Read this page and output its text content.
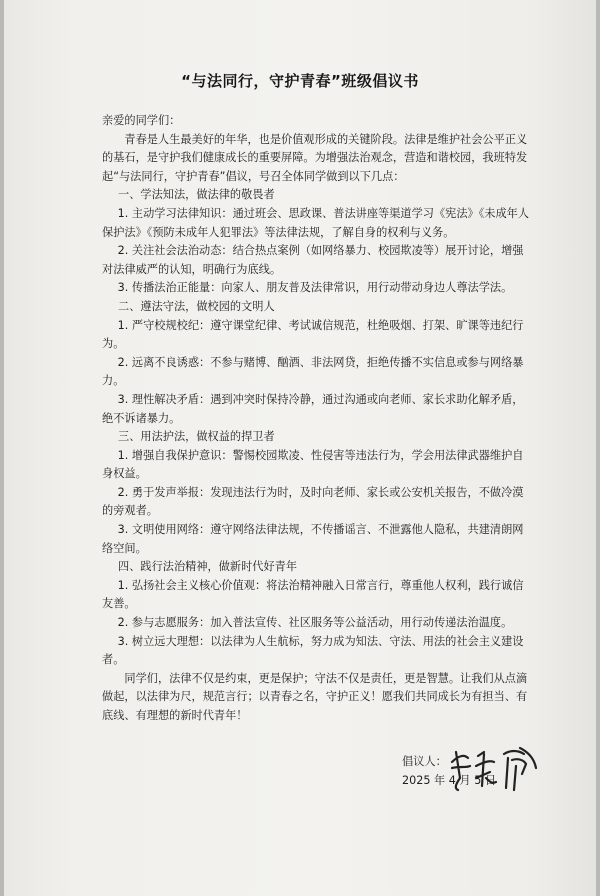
“与法同行，守护青春”班级倡议书

亲爱的同学们：

青春是人生最美好的年华，也是价值观形成的关键阶段。法律是维护社会公平正义的基石，是守护我们健康成长的重要屏障。为增强法治观念，营造和谐校园，我班特发起“与法同行，守护青春”倡议，号召全体同学做到以下几点：

一、学法知法，做法律的敬畏者

1. 主动学习法律知识：通过班会、思政课、普法讲座等渠道学习《宪法》《未成年人保护法》《预防未成年人犯罪法》等法律法规，了解自身的权利与义务。

2. 关注社会法治动态：结合热点案例（如网络暴力、校园欺凌等）展开讨论，增强对法律威严的认知，明确行为底线。

3. 传播法治正能量：向家人、朋友普及法律常识，用行动带动身边人尊法学法。

二、遵法守法，做校园的文明人

1. 严守校规校纪：遵守课堂纪律、考试诚信规范，杜绝吸烟、打架、旷课等违纪行为。

2. 远离不良诱惑：不参与赌博、酗酒、非法网贷，拒绝传播不实信息或参与网络暴力。

3. 理性解决矛盾：遇到冲突时保持冷静，通过沟通或向老师、家长求助化解矛盾，绝不诉诸暴力。

三、用法护法，做权益的捍卫者

1. 增强自我保护意识：警惕校园欺凌、性侵害等违法行为，学会用法律武器维护自身权益。

2. 勇于发声举报：发现违法行为时，及时向老师、家长或公安机关报告，不做冷漠的旁观者。

3. 文明使用网络：遵守网络法律法规，不传播谣言、不泄露他人隐私，共建清朗网络空间。

四、践行法治精神，做新时代好青年

1. 弘扬社会主义核心价值观：将法治精神融入日常言行，尊重他人权利，践行诚信友善。

2. 参与志愿服务：加入普法宣传、社区服务等公益活动，用行动传递法治温度。

3. 树立远大理想：以法律为人生航标，努力成为知法、守法、用法的社会主义建设者。

同学们，法律不仅是约束，更是保护；守法不仅是责任，更是智慧。让我们从点滴做起，以法律为尺，规范言行；以青春之名，守护正义！愿我们共同成长为有担当、有底线、有理想的新时代青年！

倡议人：
2025 年 4 月 5 日
